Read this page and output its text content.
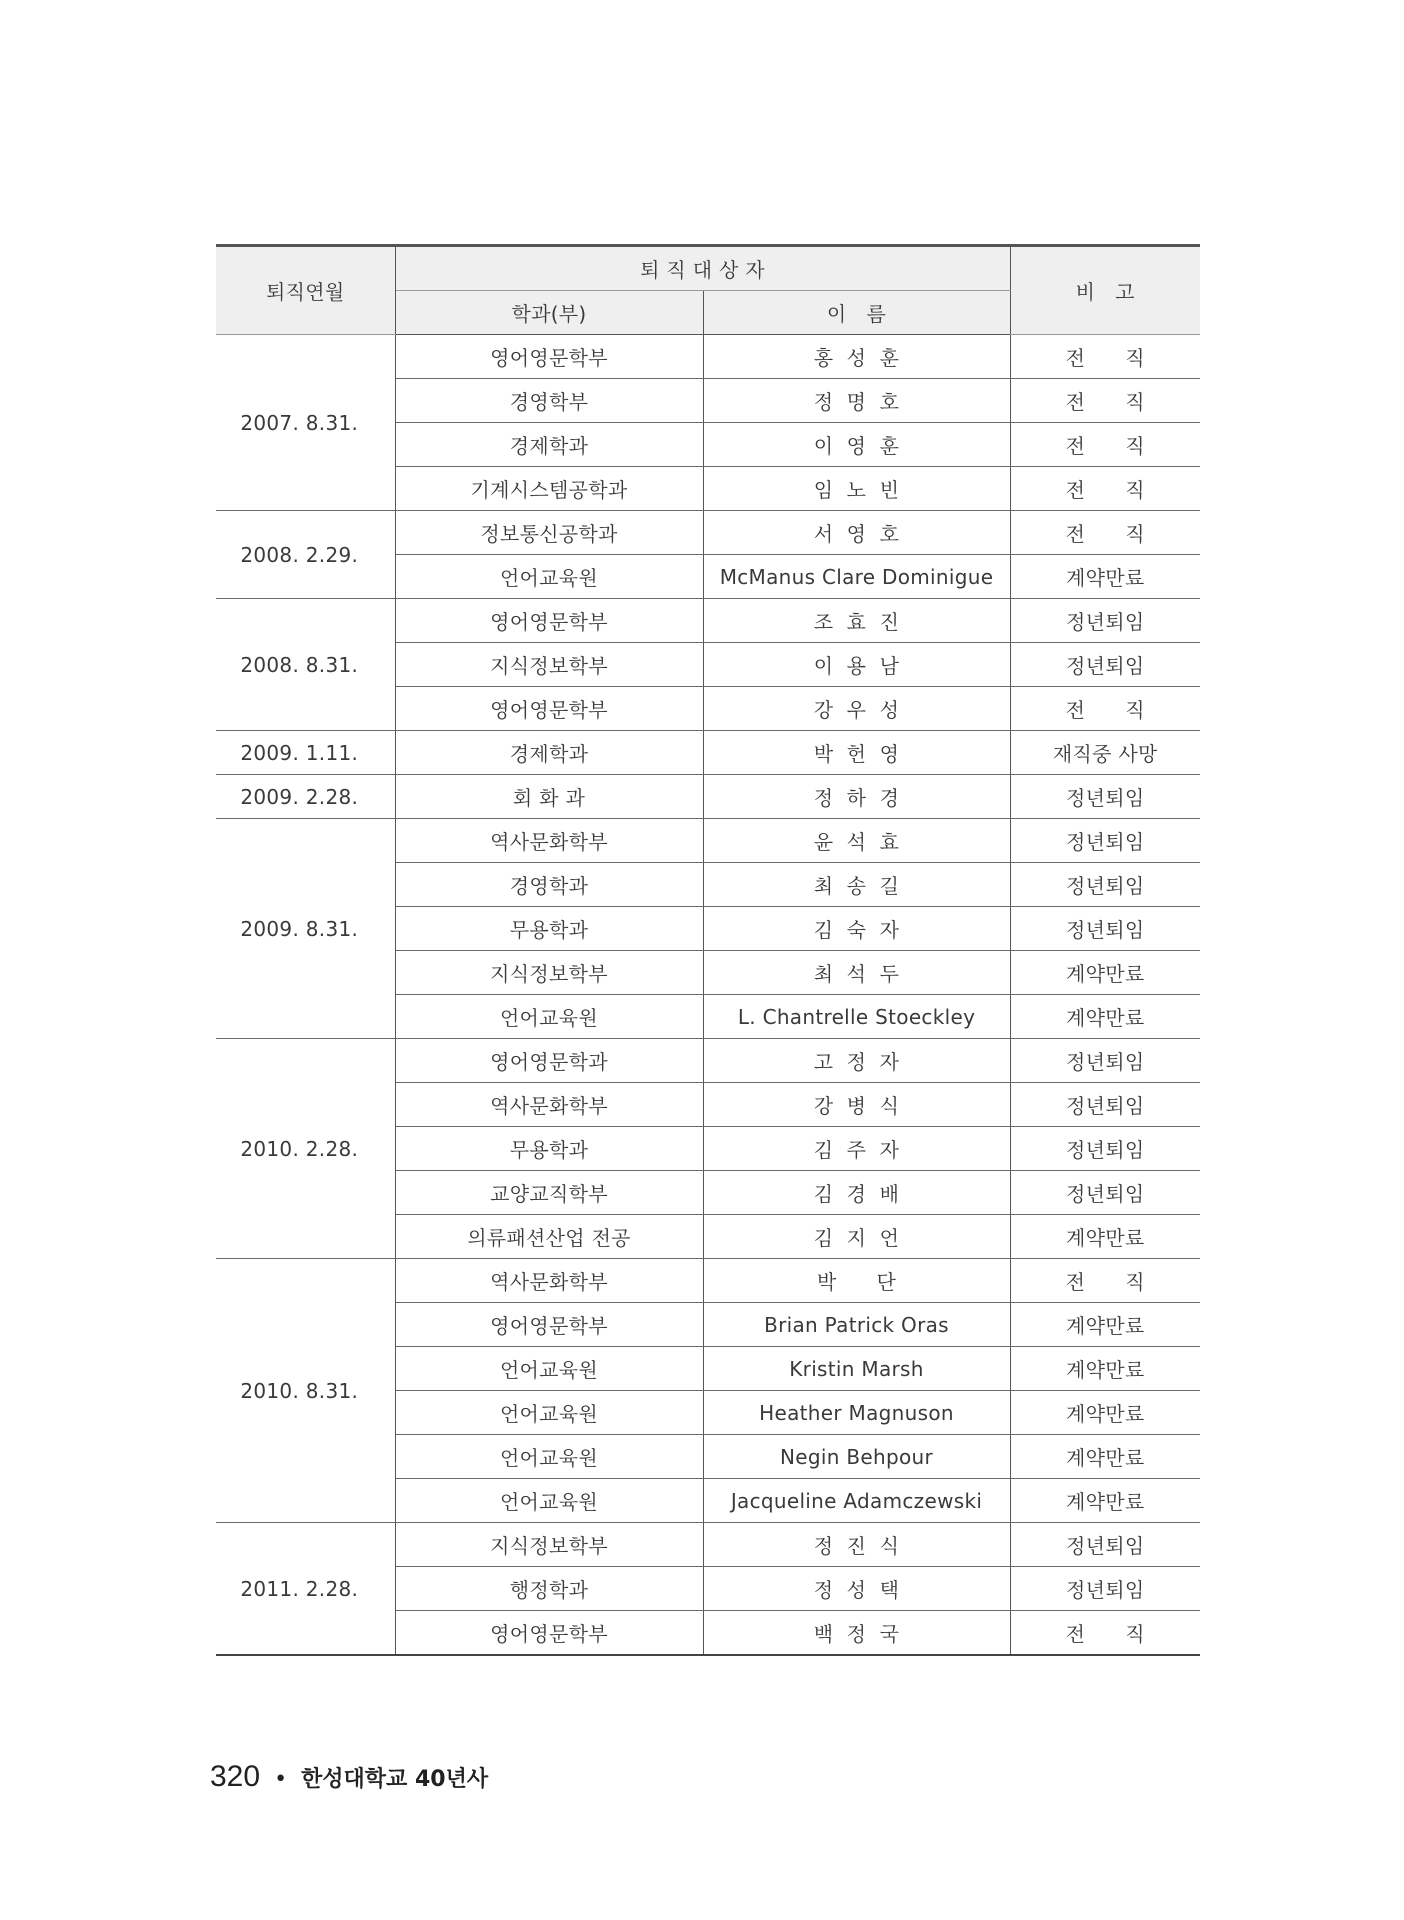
퇴직연월	퇴 직 대 상 자		비   고
	학과(부)	이   름	
2007. 8.31.	영어영문학부	홍  성  훈	전      직
	경영학부	정  명  호	전      직
	경제학과	이  영  훈	전      직
	기계시스템공학과	임  노  빈	전      직
2008. 2.29.	정보통신공학과	서  영  호	전      직
	언어교육원	McManus Clare Dominigue	계약만료
2008. 8.31.	영어영문학부	조  효  진	정년퇴임
	지식정보학부	이  용  남	정년퇴임
	영어영문학부	강  우  성	전      직
2009. 1.11.	경제학과	박  헌  영	재직중 사망
2009. 2.28.	회 화 과	정  하  경	정년퇴임
2009. 8.31.	역사문화학부	윤  석  효	정년퇴임
	경영학과	최  송  길	정년퇴임
	무용학과	김  숙  자	정년퇴임
	지식정보학부	최  석  두	계약만료
	언어교육원	L. Chantrelle Stoeckley	계약만료
2010. 2.28.	영어영문학과	고  정  자	정년퇴임
	역사문화학부	강  병  식	정년퇴임
	무용학과	김  주  자	정년퇴임
	교양교직학부	김  경  배	정년퇴임
	의류패션산업 전공	김  지  언	계약만료
2010. 8.31.	역사문화학부	박      단	전      직
	영어영문학부	Brian Patrick Oras	계약만료
	언어교육원	Kristin Marsh	계약만료
	언어교육원	Heather Magnuson	계약만료
	언어교육원	Negin Behpour	계약만료
	언어교육원	Jacqueline Adamczewski	계약만료
2011. 2.28.	지식정보학부	정  진  식	정년퇴임
	행정학과	정  성  택	정년퇴임
	영어영문학부	백  정  국	전      직
320 • 한성대학교 40년사
